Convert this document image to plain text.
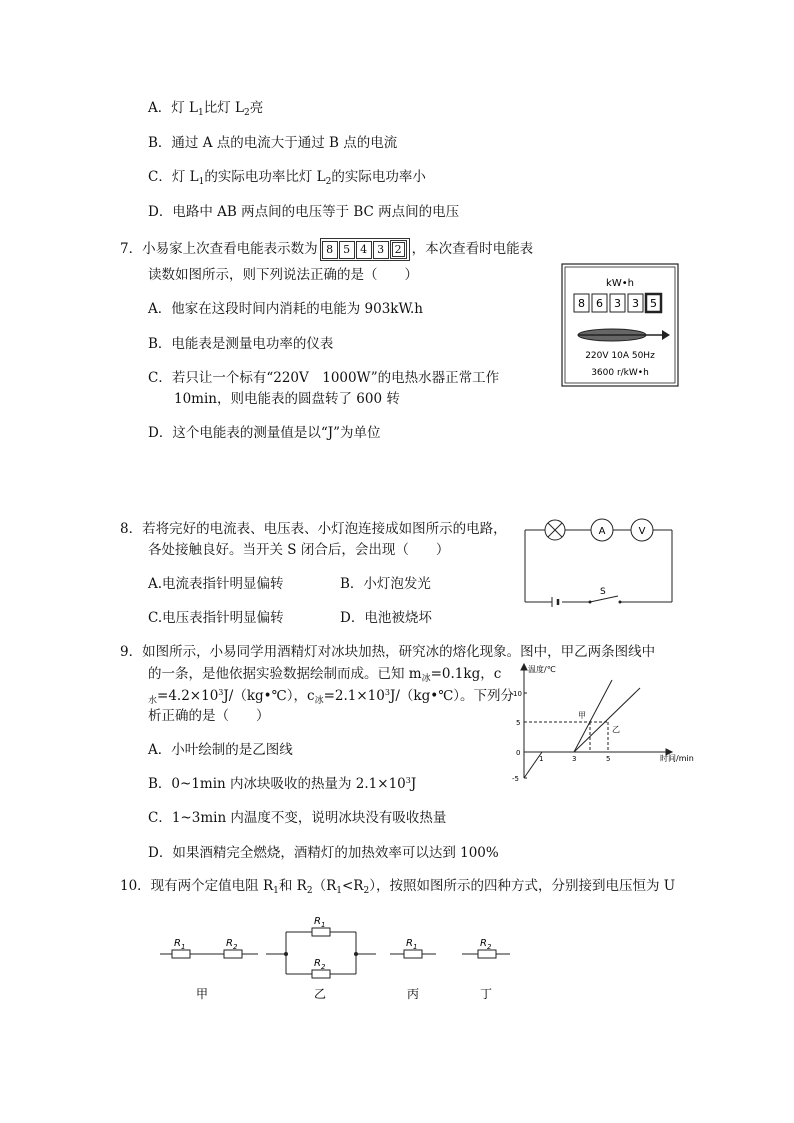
A．灯 $L_1$比灯 $L_2$亮
B．通过 A 点的电流大于通过 B 点的电流
C．灯 $L_1$的实际电功率比灯 $L_2$的实际电功率小
D．电路中 AB 两点间的电压等于 BC 两点间的电压
7．小易家上次查看电能表示数为 8 5 4 3 2 ，本次查看时电能表
读数如图所示，则下列说法正确的是（　　）
A．他家在这段时间内消耗的电能为 903kW.h
B．电能表是测量电功率的仪表
C．若只让一个标有“220V　1000W”的电热水器正常工作
10min，则电能表的圆盘转了 600 转
D．这个电能表的测量值是以“J”为单位
kW•h
8 6 3 3 5
220V 10A 50Hz
3600 r/kW•h
8．若将完好的电流表、电压表、小灯泡连接成如图所示的电路，
各处接触良好。当开关 S 闭合后，会出现（　　）
A.电流表指针明显偏转	B．小灯泡发光
C.电压表指针明显偏转	D．电池被烧坏
A	V
S
9．如图所示，小易同学用酒精灯对冰块加热，研究冰的熔化现象。图中，甲乙两条图线中
的一条，是他依据实验数据绘制而成。已知 $m_冰=0.1kg$，c
$_水=4.2\times 10^3J/(kg•℃)$，$c_冰=2.1\times 10^3J/(kg•℃)$。下列分
析正确的是（　　）
A．小叶绘制的是乙图线
B．0~1min 内冰块吸收的热量为 $2.1\times 10^3J$
C．1~3min 内温度不变，说明冰块没有吸收热量
D．如果酒精完全燃烧，酒精灯的加热效率可以达到 100%
温度/℃
时间/min
10
5
0
-5
1	3	5
甲
乙
10．现有两个定值电阻 $R_1$和 $R_2(R_1<R_2)$，按照如图所示的四种方式，分别接到电压恒为 U
$R_1$	$R_2$
甲
$R_1$
$R_2$
乙
$R_1$
丙
$R_2$
丁
